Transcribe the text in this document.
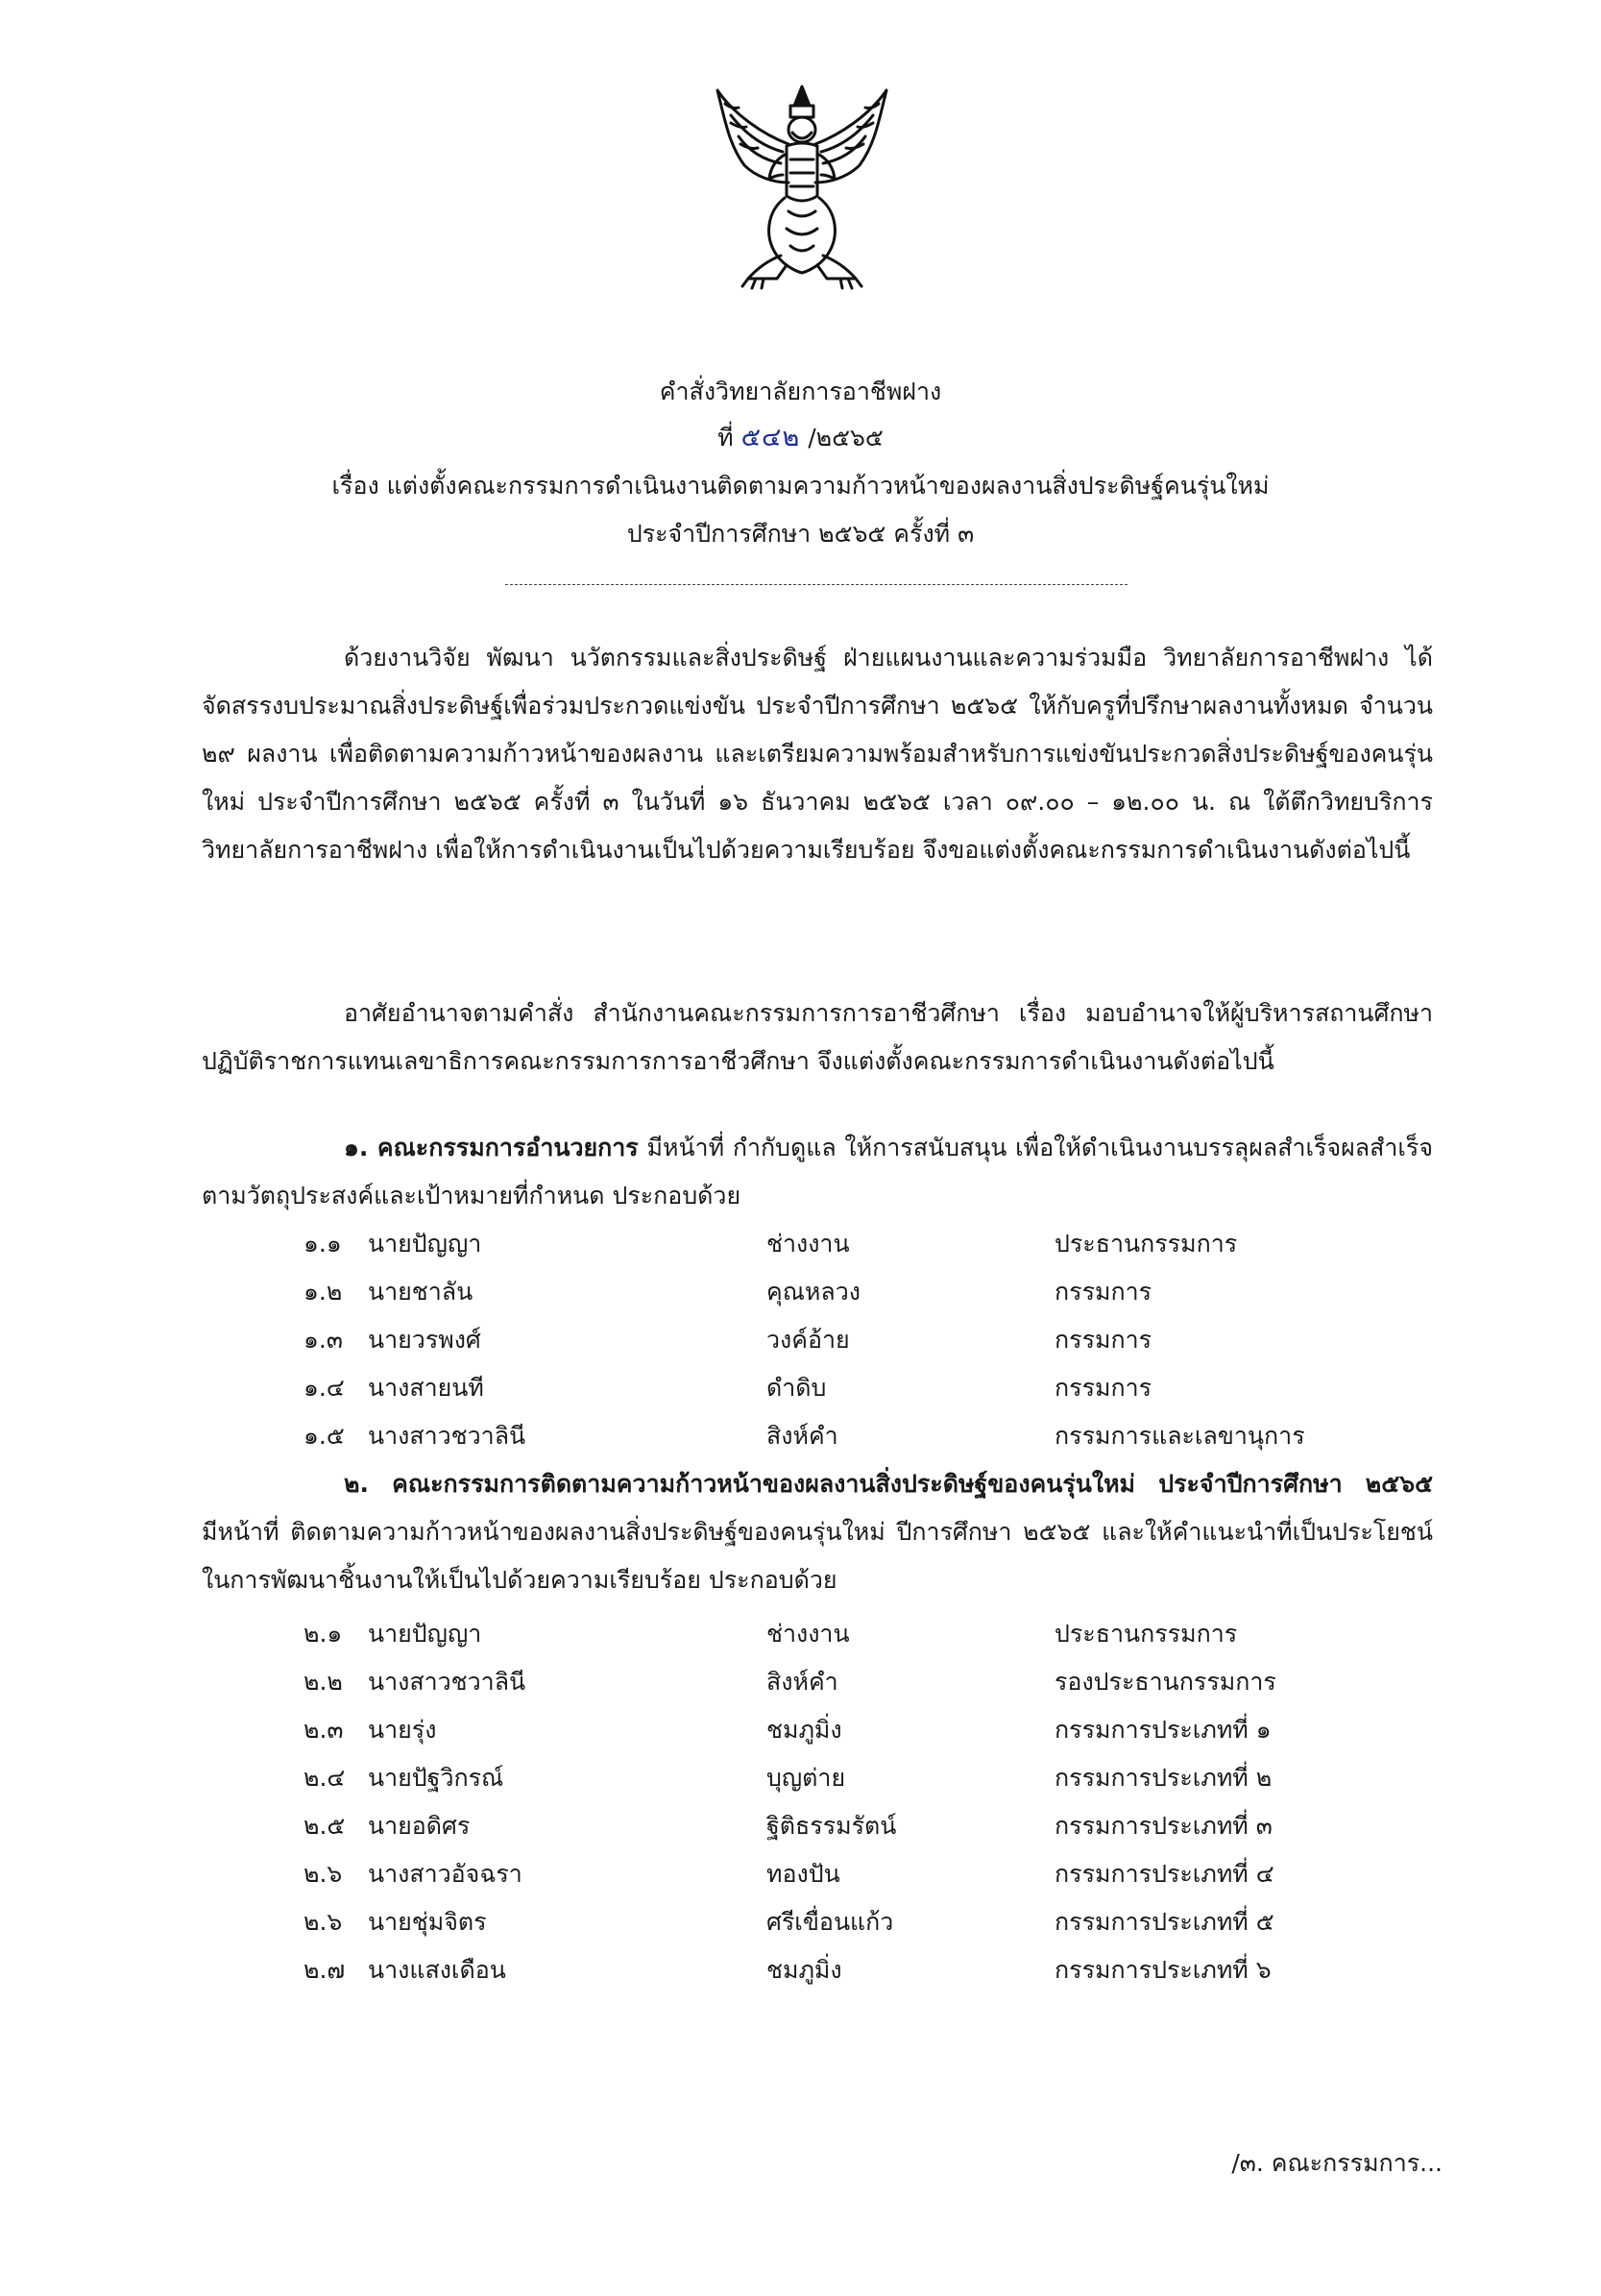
คำสั่งวิทยาลัยการอาชีพฝาง
ที่ ๕๔๒ /๒๕๖๕
เรื่อง แต่งตั้งคณะกรรมการดำเนินงานติดตามความก้าวหน้าของผลงานสิ่งประดิษฐ์คนรุ่นใหม่
ประจำปีการศึกษา ๒๕๖๕ ครั้งที่ ๓

ด้วยงานวิจัย พัฒนา นวัตกรรมและสิ่งประดิษฐ์ ฝ่ายแผนงานและความร่วมมือ วิทยาลัยการอาชีพฝาง ได้จัดสรรงบประมาณสิ่งประดิษฐ์เพื่อร่วมประกวดแข่งขัน ประจำปีการศึกษา ๒๕๖๕ ให้กับครูที่ปรึกษาผลงานทั้งหมด จำนวน ๒๙ ผลงาน เพื่อติดตามความก้าวหน้าของผลงาน และเตรียมความพร้อมสำหรับการแข่งขันประกวดสิ่งประดิษฐ์ของคนรุ่นใหม่ ประจำปีการศึกษา ๒๕๖๕ ครั้งที่ ๓ ในวันที่ ๑๖ ธันวาคม ๒๕๖๕ เวลา ๐๙.๐๐ – ๑๒.๐๐ น. ณ ใต้ตึกวิทยบริการ วิทยาลัยการอาชีพฝาง เพื่อให้การดำเนินงานเป็นไปด้วยความเรียบร้อย จึงขอแต่งตั้งคณะกรรมการดำเนินงานดังต่อไปนี้

อาศัยอำนาจตามคำสั่ง สำนักงานคณะกรรมการการอาชีวศึกษา เรื่อง มอบอำนาจให้ผู้บริหารสถานศึกษา ปฏิบัติราชการแทนเลขาธิการคณะกรรมการการอาชีวศึกษา จึงแต่งตั้งคณะกรรมการดำเนินงานดังต่อไปนี้

๑. คณะกรรมการอำนวยการ มีหน้าที่ กำกับดูแล ให้การสนับสนุน เพื่อให้ดำเนินงานบรรลุผลสำเร็จผลสำเร็จตามวัตถุประสงค์และเป้าหมายที่กำหนด ประกอบด้วย

๑.๑ นายปัญญา	ช่างงาน	ประธานกรรมการ
๑.๒ นายชาลัน	คุณหลวง	กรรมการ
๑.๓ นายวรพงศ์	วงค์อ้าย	กรรมการ
๑.๔ นางสายนที	ดำดิบ	กรรมการ
๑.๕ นางสาวชวาลินี	สิงห์คำ	กรรมการและเลขานุการ

๒. คณะกรรมการติดตามความก้าวหน้าของผลงานสิ่งประดิษฐ์ของคนรุ่นใหม่ ประจำปีการศึกษา ๒๕๖๕ มีหน้าที่ ติดตามความก้าวหน้าของผลงานสิ่งประดิษฐ์ของคนรุ่นใหม่ ปีการศึกษา ๒๕๖๕ และให้คำแนะนำที่เป็นประโยชน์ในการพัฒนาชิ้นงานให้เป็นไปด้วยความเรียบร้อย ประกอบด้วย

๒.๑ นายปัญญา	ช่างงาน	ประธานกรรมการ
๒.๒ นางสาวชวาลินี	สิงห์คำ	รองประธานกรรมการ
๒.๓ นายรุ่ง	ชมภูมิ่ง	กรรมการประเภทที่ ๑
๒.๔ นายปัฐวิกรณ์	บุญต่าย	กรรมการประเภทที่ ๒
๒.๕ นายอดิศร	ฐิติธรรมรัตน์	กรรมการประเภทที่ ๓
๒.๖ นางสาวอัจฉรา	ทองปัน	กรรมการประเภทที่ ๔
๒.๖ นายชุ่มจิตร	ศรีเขื่อนแก้ว	กรรมการประเภทที่ ๕
๒.๗ นางแสงเดือน	ชมภูมิ่ง	กรรมการประเภทที่ ๖
/๓. คณะกรรมการ...
